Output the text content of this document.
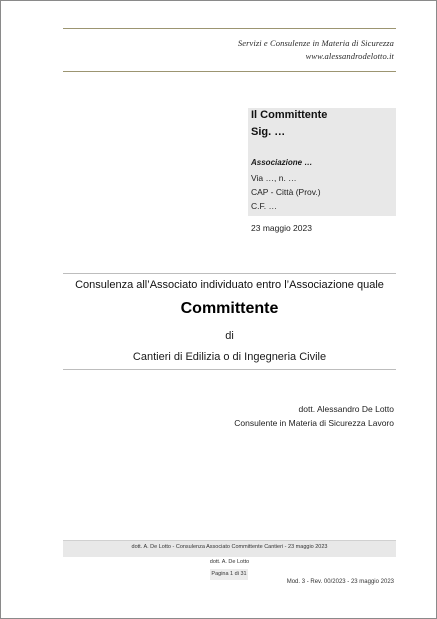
Servizi e Consulenze in Materia di Sicurezza
www.alessandrodelotto.it
Il Committente
Sig. …
Associazione …
Via …, n. …
CAP - Città (Prov.)
C.F. …
23 maggio 2023
Consulenza all’Associato individuato entro l’Associazione quale
Committente
di
Cantieri di Edilizia o di Ingegneria Civile
dott. Alessandro De Lotto
Consulente in Materia di Sicurezza Lavoro
dott. A. De Lotto - Consulenza Associato Committente Cantieri - 23 maggio 2023
dott. A. De Lotto
Pagina 1 di 31
Mod. 3 - Rev. 00/2023 - 23 maggio 2023
